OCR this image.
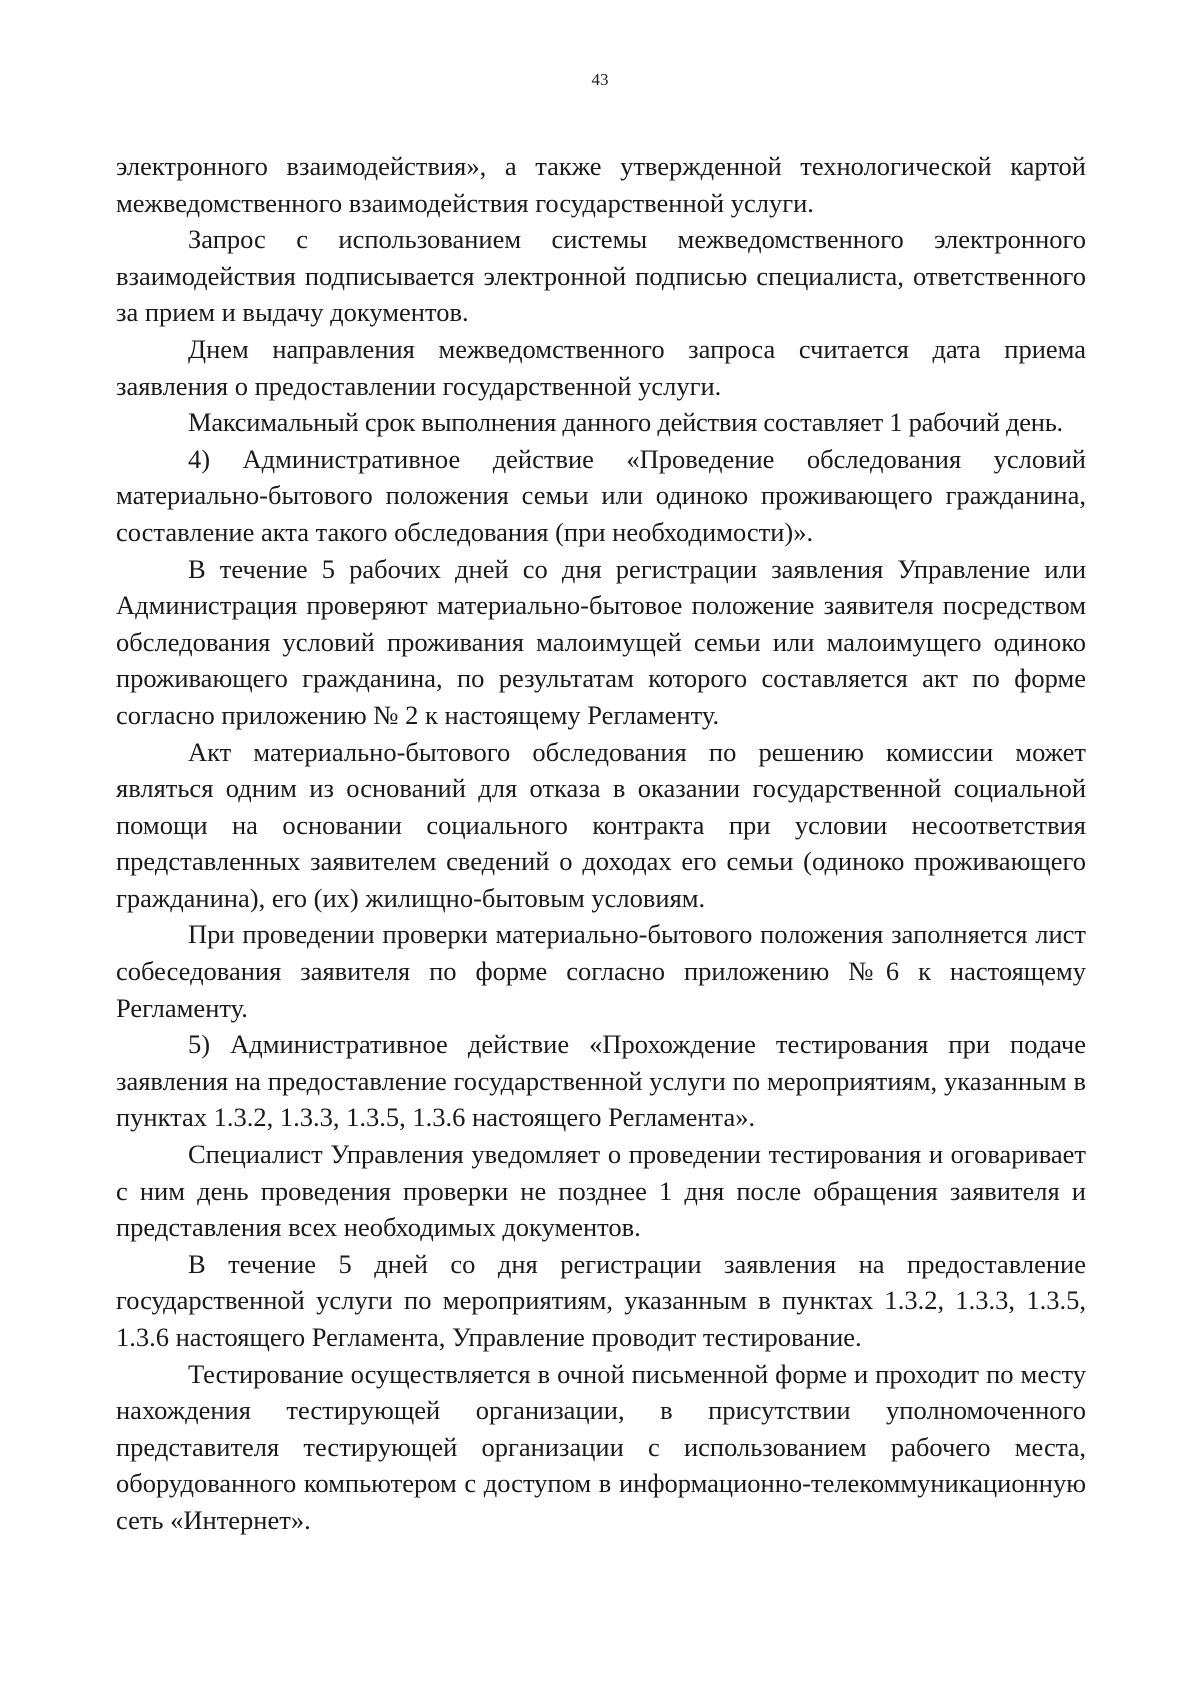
43

электронного взаимодействия», а также утвержденной технологической картой межведомственного взаимодействия государственной услуги.

Запрос с использованием системы межведомственного электронного взаимодействия подписывается электронной подписью специалиста, ответственного за прием и выдачу документов.

Днем направления межведомственного запроса считается дата приема заявления о предоставлении государственной услуги.

Максимальный срок выполнения данного действия составляет 1 рабочий день.

4) Административное действие «Проведение обследования условий материально-бытового положения семьи или одиноко проживающего гражданина, составление акта такого обследования (при необходимости)».

В течение 5 рабочих дней со дня регистрации заявления Управление или Администрация проверяют материально-бытовое положение заявителя посредством обследования условий проживания малоимущей семьи или малоимущего одиноко проживающего гражданина, по результатам которого составляется акт по форме согласно приложению № 2 к настоящему Регламенту.

Акт материально-бытового обследования по решению комиссии может являться одним из оснований для отказа в оказании государственной социальной помощи на основании социального контракта при условии несоответствия представленных заявителем сведений о доходах его семьи (одиноко проживающего гражданина), его (их) жилищно-бытовым условиям.

При проведении проверки материально-бытового положения заполняется лист собеседования заявителя по форме согласно приложению №6 к настоящему Регламенту.

5) Административное действие «Прохождение тестирования при подаче заявления на предоставление государственной услуги по мероприятиям, указанным в пунктах 1.3.2, 1.3.3, 1.3.5, 1.3.6 настоящего Регламента».

Специалист Управления уведомляет о проведении тестирования и оговаривает с ним день проведения проверки не позднее 1 дня после обращения заявителя и представления всех необходимых документов.

В течение 5 дней со дня регистрации заявления на предоставление государственной услуги по мероприятиям, указанным в пунктах 1.3.2, 1.3.3, 1.3.5, 1.3.6 настоящего Регламента, Управление проводит тестирование.

Тестирование осуществляется в очной письменной форме и проходит по месту нахождения тестирующей организации, в присутствии уполномоченного представителя тестирующей организации с использованием рабочего места, оборудованного компьютером с доступом в информационно-телекоммуникационную сеть «Интернет».
